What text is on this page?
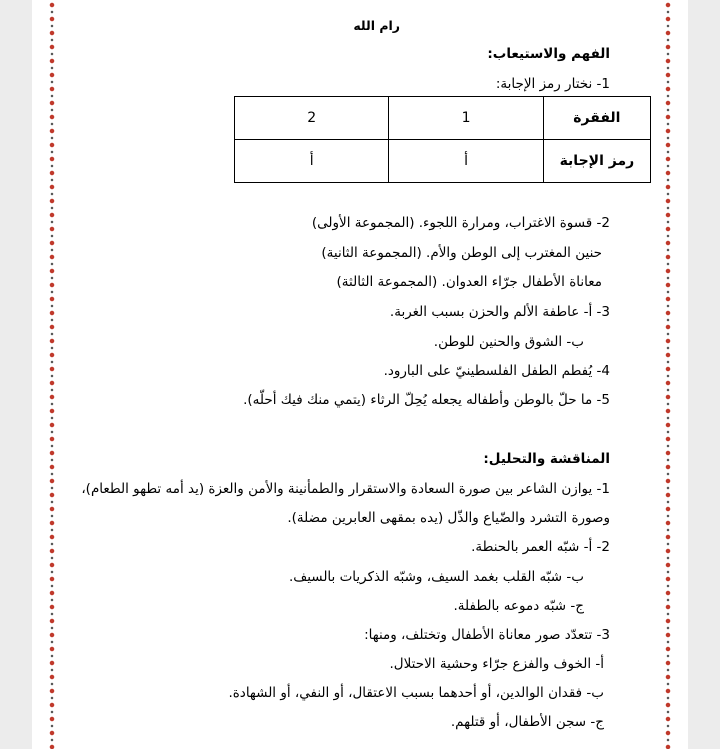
رام الله
الفهم والاستيعاب:
1- نختار رمز الإجابة:
الفقرة	1	2
رمز الإجابة	أ	أ
2- قسوة الاغتراب، ومرارة اللجوء. (المجموعة الأولى)
حنين المغترب إلى الوطن والأم. (المجموعة الثانية)
معاناة الأطفال جرّاء العدوان. (المجموعة الثالثة)
3- أ- عاطفة الألم والحزن بسبب الغربة.
ب- الشوق والحنين للوطن.
4- يُفطم الطفل الفلسطينيّ على البارود.
5- ما حلّ بالوطن وأطفاله يجعله يُحِلّ الرثاء (يتمي منك فيك أحلّه).
المناقشة والتحليل:
1- يوازن الشاعر بين صورة السعادة والاستقرار والطمأنينة والأمن والعزة (يد أمه تطهو الطعام)،
وصورة التشرد والضّياع والذّل (يده بمقهى العابرين مضلة).
2- أ- شبّه العمر بالحنطة.
ب- شبّه القلب بغمد السيف، وشبّه الذكريات بالسيف.
ج- شبّه دموعه بالطفلة.
3- تتعدّد صور معاناة الأطفال وتختلف، ومنها:
أ- الخوف والفزع جرّاء وحشية الاحتلال.
ب- فقدان الوالدين، أو أحدهما بسبب الاعتقال، أو النفي، أو الشهادة.
ج- سجن الأطفال، أو قتلهم.
